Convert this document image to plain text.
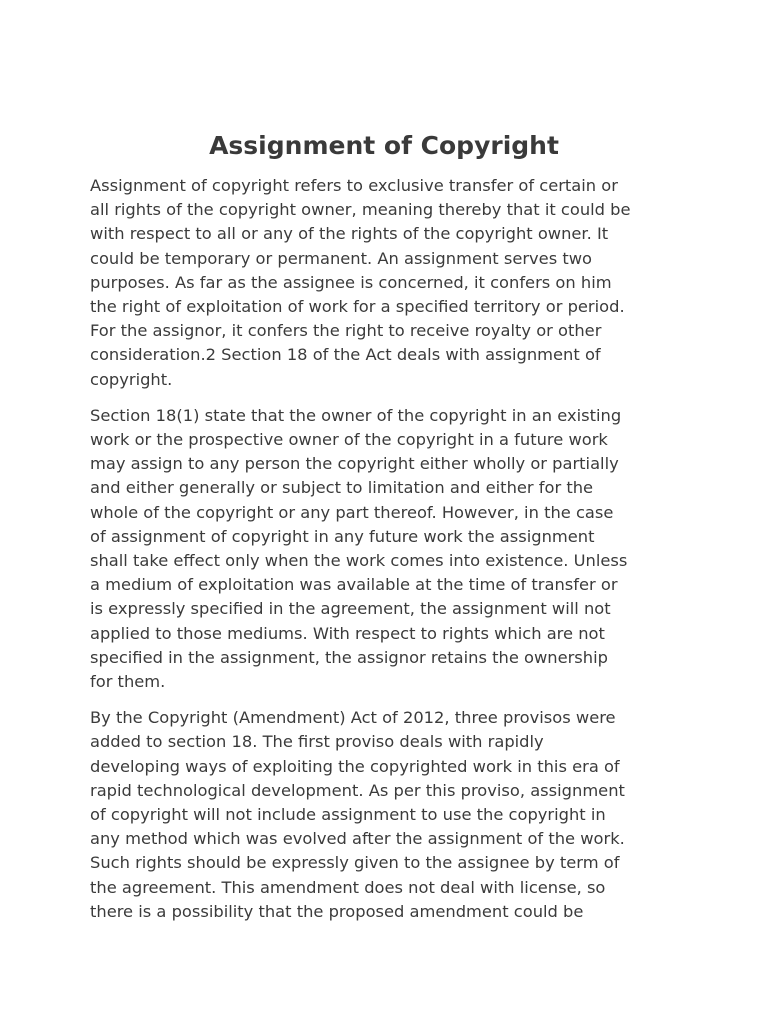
Assignment of Copyright

Assignment of copyright refers to exclusive transfer of certain or
all rights of the copyright owner, meaning thereby that it could be
with respect to all or any of the rights of the copyright owner. It
could be temporary or permanent. An assignment serves two
purposes. As far as the assignee is concerned, it confers on him
the right of exploitation of work for a specified territory or period.
For the assignor, it confers the right to receive royalty or other
consideration.2 Section 18 of the Act deals with assignment of
copyright.

Section 18(1) state that the owner of the copyright in an existing
work or the prospective owner of the copyright in a future work
may assign to any person the copyright either wholly or partially
and either generally or subject to limitation and either for the
whole of the copyright or any part thereof. However, in the case
of assignment of copyright in any future work the assignment
shall take effect only when the work comes into existence. Unless
a medium of exploitation was available at the time of transfer or
is expressly specified in the agreement, the assignment will not
applied to those mediums. With respect to rights which are not
specified in the assignment, the assignor retains the ownership
for them.

By the Copyright (Amendment) Act of 2012, three provisos were
added to section 18. The first proviso deals with rapidly
developing ways of exploiting the copyrighted work in this era of
rapid technological development. As per this proviso, assignment
of copyright will not include assignment to use the copyright in
any method which was evolved after the assignment of the work.
Such rights should be expressly given to the assignee by term of
the agreement. This amendment does not deal with license, so
there is a possibility that the proposed amendment could be
